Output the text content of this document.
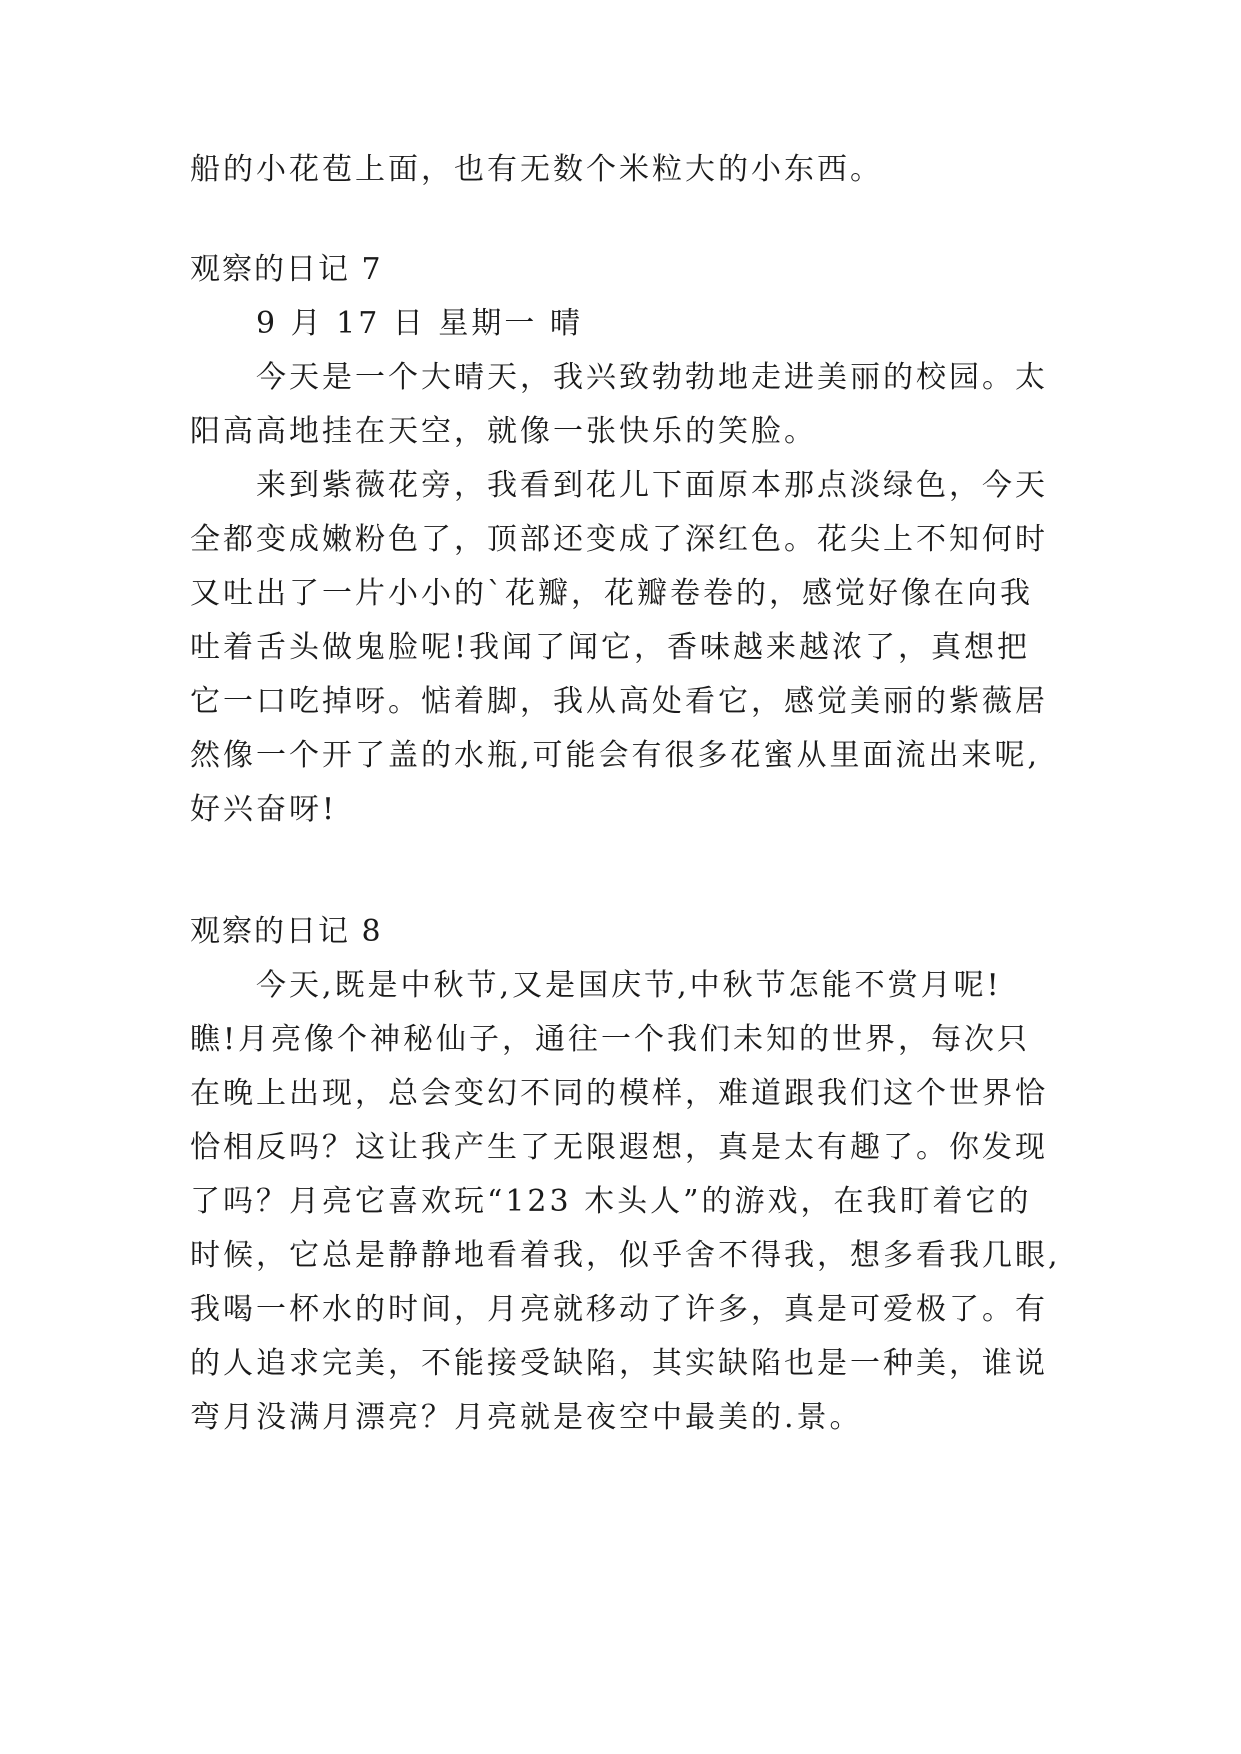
船的小花苞上面，也有无数个米粒大的小东西。
观察的日记 7
9 月 17 日 星期一 晴
今天是一个大晴天，我兴致勃勃地走进美丽的校园。太
阳高高地挂在天空，就像一张快乐的笑脸。
来到紫薇花旁，我看到花儿下面原本那点淡绿色，今天
全都变成嫩粉色了，顶部还变成了深红色。花尖上不知何时
又吐出了一片小小的`花瓣，花瓣卷卷的，感觉好像在向我
吐着舌头做鬼脸呢!我闻了闻它，香味越来越浓了，真想把
它一口吃掉呀。惦着脚，我从高处看它，感觉美丽的紫薇居
然像一个开了盖的水瓶,可能会有很多花蜜从里面流出来呢,
好兴奋呀!
观察的日记 8
今天,既是中秋节,又是国庆节,中秋节怎能不赏月呢!
瞧!月亮像个神秘仙子，通往一个我们未知的世界，每次只
在晚上出现，总会变幻不同的模样，难道跟我们这个世界恰
恰相反吗？这让我产生了无限遐想，真是太有趣了。你发现
了吗？月亮它喜欢玩“123 木头人”的游戏，在我盯着它的
时候，它总是静静地看着我，似乎舍不得我，想多看我几眼,
我喝一杯水的时间，月亮就移动了许多，真是可爱极了。有
的人追求完美，不能接受缺陷，其实缺陷也是一种美，谁说
弯月没满月漂亮？月亮就是夜空中最美的.景。
